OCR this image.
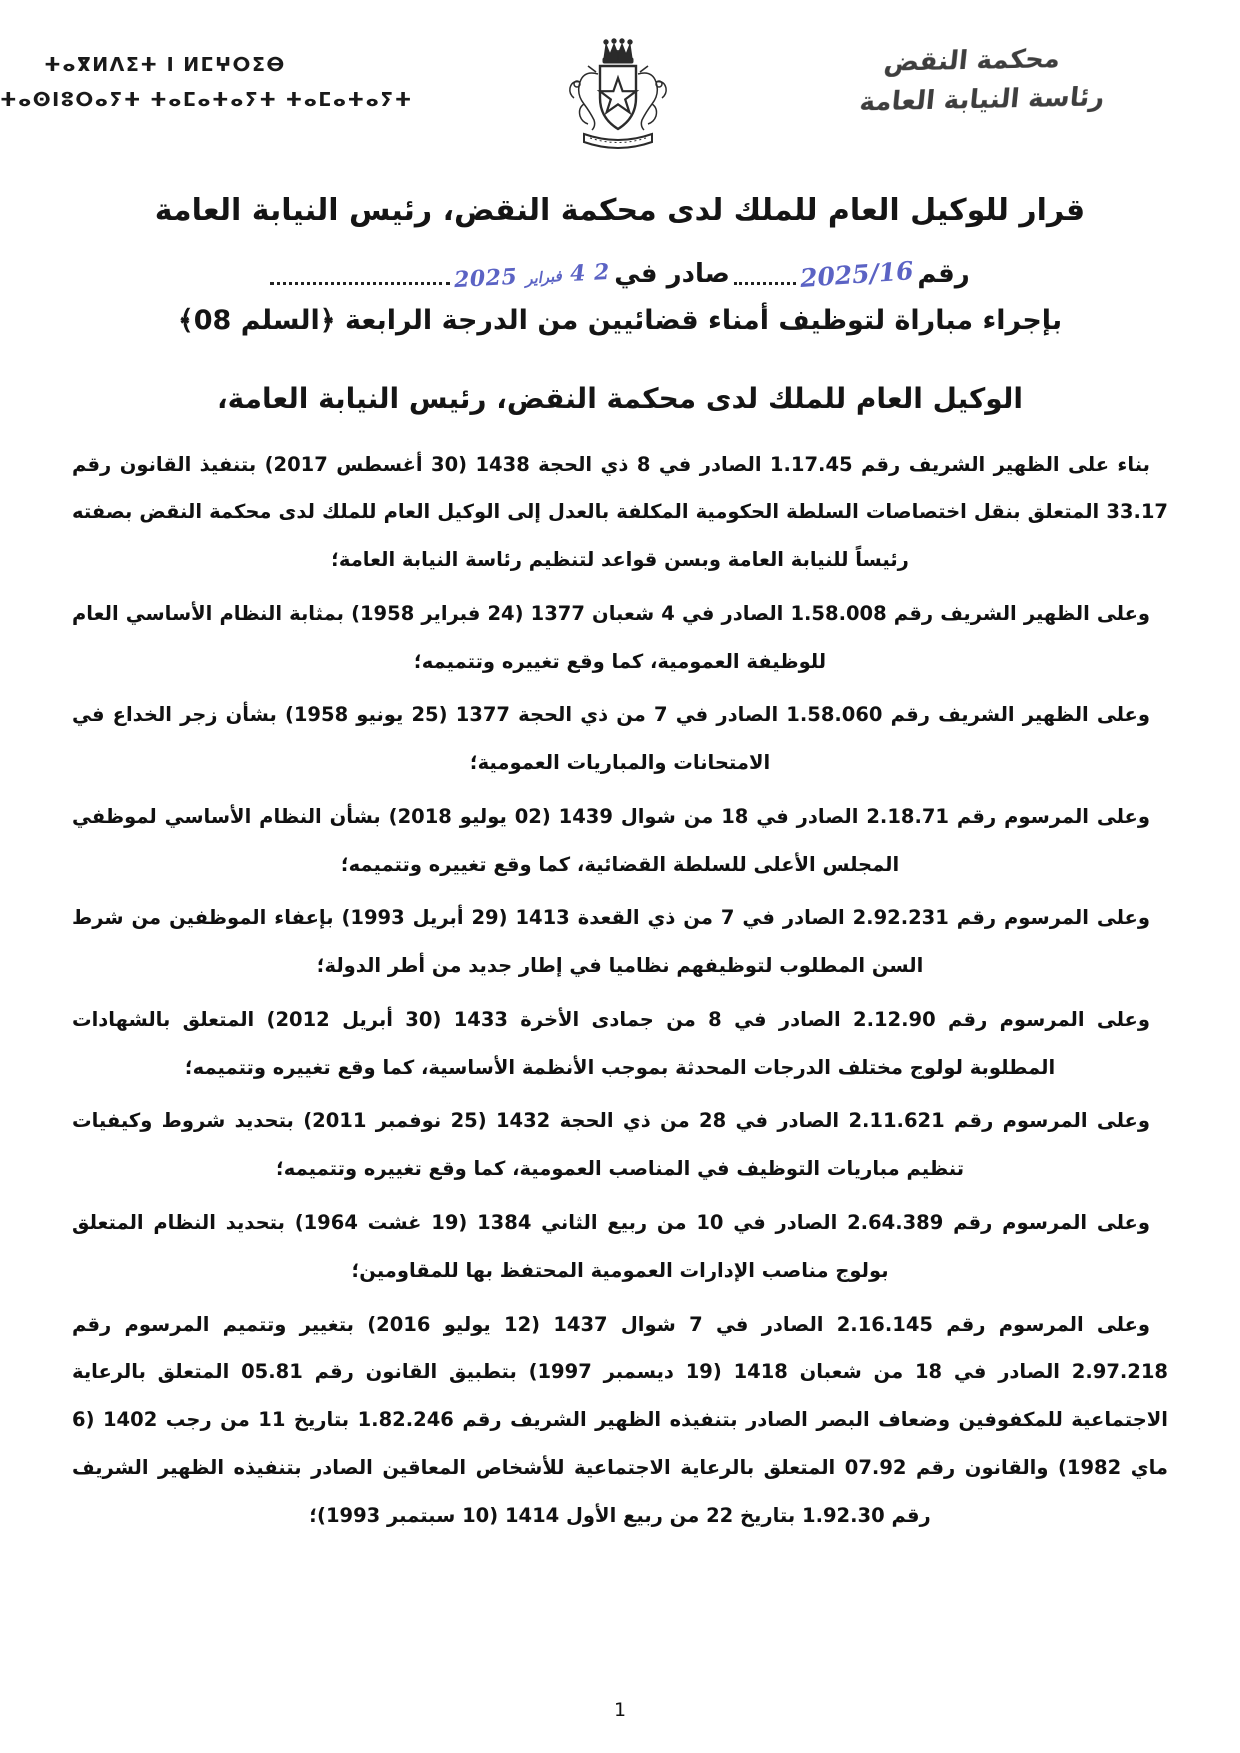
ⵜⴰⴳⵍⴷⵉⵜ ⵏ ⵍⵎⵖⵔⵉⴱ
ⵜⴰⵙⵏⵓⵔⴰⵢⵜ ⵜⴰⵎⴰⵜⴰⵢⵜ ⵜⴰⵎⴰⵜⴰⵢⵜ
محكمة النقض
رئاسة النيابة العامة
قرار للوكيل العام للملك لدى محكمة النقض، رئيس النيابة العامة
رقم
2025/16
صادر في
2 4 فبراير 2025
بإجراء مباراة لتوظيف أمناء قضائيين من الدرجة الرابعة ﴿السلم 08﴾
الوكيل العام للملك لدى محكمة النقض، رئيس النيابة العامة،

بناء على الظهير الشريف رقم 1.17.45 الصادر في 8 ذي الحجة 1438 (30 أغسطس 2017) بتنفيذ القانون رقم 33.17 المتعلق بنقل اختصاصات السلطة الحكومية المكلفة بالعدل إلى الوكيل العام للملك لدى محكمة النقض بصفته رئيساً للنيابة العامة وبسن قواعد لتنظيم رئاسة النيابة العامة؛

وعلى الظهير الشريف رقم 1.58.008 الصادر في 4 شعبان 1377 (24 فبراير 1958) بمثابة النظام الأساسي العام للوظيفة العمومية، كما وقع تغييره وتتميمه؛

وعلى الظهير الشريف رقم 1.58.060 الصادر في 7 من ذي الحجة 1377 (25 يونيو 1958) بشأن زجر الخداع في الامتحانات والمباريات العمومية؛

وعلى المرسوم رقم 2.18.71 الصادر في 18 من شوال 1439 (02 يوليو 2018) بشأن النظام الأساسي لموظفي المجلس الأعلى للسلطة القضائية، كما وقع تغييره وتتميمه؛

وعلى المرسوم رقم 2.92.231 الصادر في 7 من ذي القعدة 1413 (29 أبريل 1993) بإعفاء الموظفين من شرط السن المطلوب لتوظيفهم نظاميا في إطار جديد من أطر الدولة؛

وعلى المرسوم رقم 2.12.90 الصادر في 8 من جمادى الأخرة 1433 (30 أبريل 2012) المتعلق بالشهادات المطلوبة لولوج مختلف الدرجات المحدثة بموجب الأنظمة الأساسية، كما وقع تغييره وتتميمه؛

وعلى المرسوم رقم 2.11.621 الصادر في 28 من ذي الحجة 1432 (25 نوفمبر 2011) بتحديد شروط وكيفيات تنظيم مباريات التوظيف في المناصب العمومية، كما وقع تغييره وتتميمه؛

وعلى المرسوم رقم 2.64.389 الصادر في 10 من ربيع الثاني 1384 (19 غشت 1964) بتحديد النظام المتعلق بولوج مناصب الإدارات العمومية المحتفظ بها للمقاومين؛

وعلى المرسوم رقم 2.16.145 الصادر في 7 شوال 1437 (12 يوليو 2016) بتغيير وتتميم المرسوم رقم 2.97.218 الصادر في 18 من شعبان 1418 (19 ديسمبر 1997) بتطبيق القانون رقم 05.81 المتعلق بالرعاية الاجتماعية للمكفوفين وضعاف البصر الصادر بتنفيذه الظهير الشريف رقم 1.82.246 بتاريخ 11 من رجب 1402 (6 ماي 1982) والقانون رقم 07.92 المتعلق بالرعاية الاجتماعية للأشخاص المعاقين الصادر بتنفيذه الظهير الشريف رقم 1.92.30 بتاريخ 22 من ربيع الأول 1414 (10 سبتمبر 1993)؛

1
